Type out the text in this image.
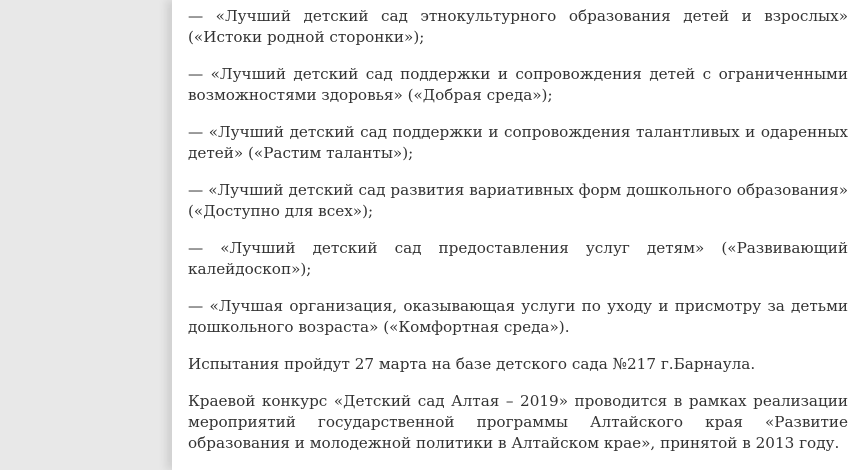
— «Лучший детский сад этнокультурного образования детей и взрослых» («Истоки родной сторонки»);

— «Лучший детский сад поддержки и сопровождения детей с ограниченными возможностями здоровья» («Добрая среда»);

— «Лучший детский сад поддержки и сопровождения талантливых и одаренных детей» («Растим таланты»);

— «Лучший детский сад развития вариативных форм дошкольного образования» («Доступно для всех»);

— «Лучший детский сад предоставления услуг детям» («Развивающий калейдоскоп»);

— «Лучшая организация, оказывающая услуги по уходу и присмотру за детьми дошкольного возраста» («Комфортная среда»).

Испытания пройдут 27 марта на базе детского сада №217 г.Барнаула.

Краевой конкурс «Детский сад Алтая – 2019» проводится в рамках реализации мероприятий государственной программы Алтайского края «Развитие образования и молодежной политики в Алтайском крае», принятой в 2013 году.
